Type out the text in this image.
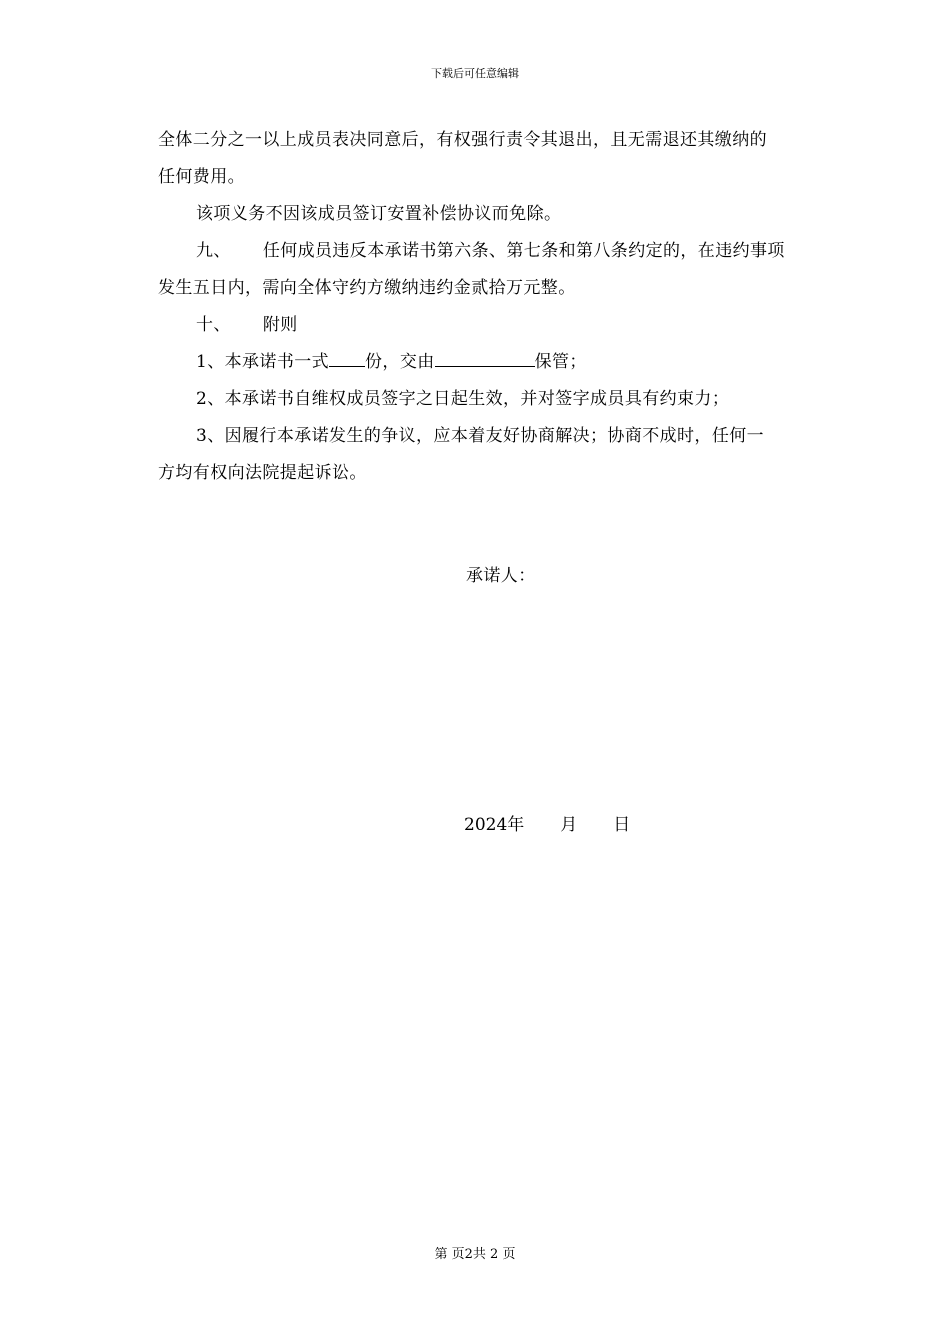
下载后可任意编辑

全体二分之一以上成员表决同意后，有权强行责令其退出，且无需退还其缴纳的

任何费用。

该项义务不因该成员签订安置补偿协议而免除。

九、 任何成员违反本承诺书第六条、第七条和第八条约定的，在违约事项

发生五日内，需向全体守约方缴纳违约金贰拾万元整。

十、 附则

1、本承诺书一式 份，交由	保管；

2、本承诺书自维权成员签字之日起生效，并对签字成员具有约束力；

3、因履行本承诺发生的争议，应本着友好协商解决；协商不成时，任何一

方均有权向法院提起诉讼。

承诺人：
2024年 月 日
第 页2共 2 页
